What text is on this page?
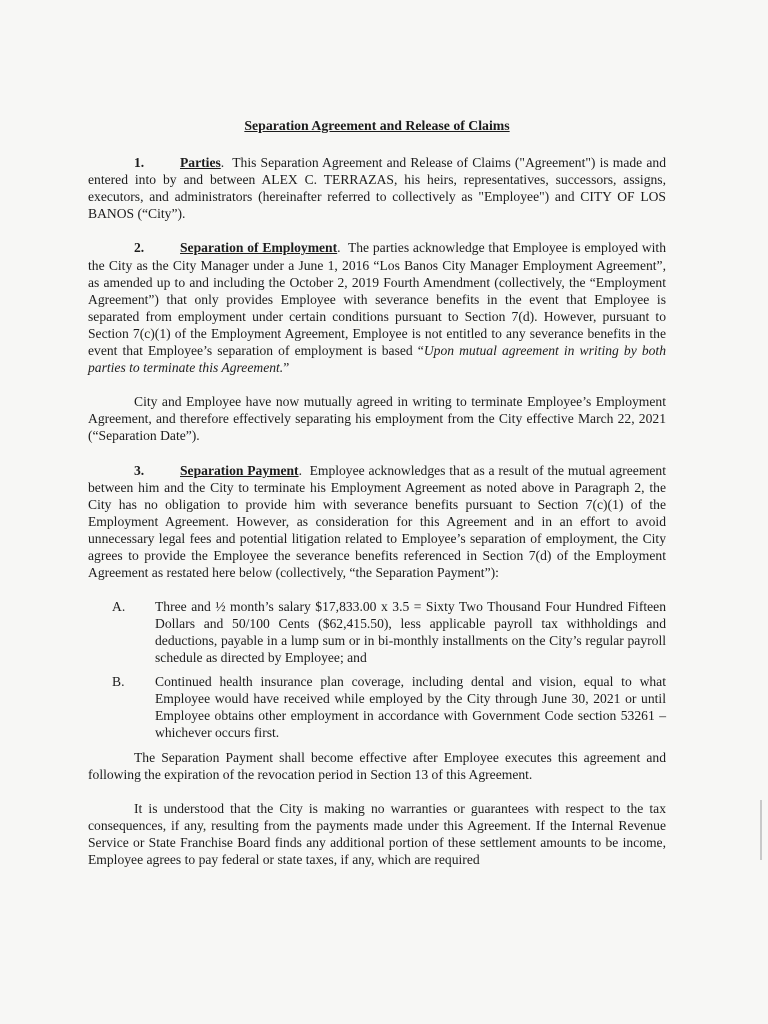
Separation Agreement and Release of Claims

1.	Parties. This Separation Agreement and Release of Claims ("Agreement") is made and entered into by and between ALEX C. TERRAZAS, his heirs, representatives, successors, assigns, executors, and administrators (hereinafter referred to collectively as "Employee") and CITY OF LOS BANOS (“City”).

2.	Separation of Employment. The parties acknowledge that Employee is employed with the City as the City Manager under a June 1, 2016 “Los Banos City Manager Employment Agreement”, as amended up to and including the October 2, 2019 Fourth Amendment (collectively, the “Employment Agreement”) that only provides Employee with severance benefits in the event that Employee is separated from employment under certain conditions pursuant to Section 7(d). However, pursuant to Section 7(c)(1) of the Employment Agreement, Employee is not entitled to any severance benefits in the event that Employee’s separation of employment is based “Upon mutual agreement in writing by both parties to terminate this Agreement.”

City and Employee have now mutually agreed in writing to terminate Employee’s Employment Agreement, and therefore effectively separating his employment from the City effective March 22, 2021 (“Separation Date”).

3.	Separation Payment. Employee acknowledges that as a result of the mutual agreement between him and the City to terminate his Employment Agreement as noted above in Paragraph 2, the City has no obligation to provide him with severance benefits pursuant to Section 7(c)(1) of the Employment Agreement. However, as consideration for this Agreement and in an effort to avoid unnecessary legal fees and potential litigation related to Employee’s separation of employment, the City agrees to provide the Employee the severance benefits referenced in Section 7(d) of the Employment Agreement as restated here below (collectively, “the Separation Payment”):

A.	Three and ½ month’s salary $17,833.00 x 3.5 = Sixty Two Thousand Four Hundred Fifteen Dollars and 50/100 Cents ($62,415.50), less applicable payroll tax withholdings and deductions, payable in a lump sum or in bi-monthly installments on the City’s regular payroll schedule as directed by Employee; and
B.	Continued health insurance plan coverage, including dental and vision, equal to what Employee would have received while employed by the City through June 30, 2021 or until Employee obtains other employment in accordance with Government Code section 53261 – whichever occurs first.

The Separation Payment shall become effective after Employee executes this agreement and following the expiration of the revocation period in Section 13 of this Agreement.

It is understood that the City is making no warranties or guarantees with respect to the tax consequences, if any, resulting from the payments made under this Agreement. If the Internal Revenue Service or State Franchise Board finds any additional portion of these settlement amounts to be income, Employee agrees to pay federal or state taxes, if any, which are required
